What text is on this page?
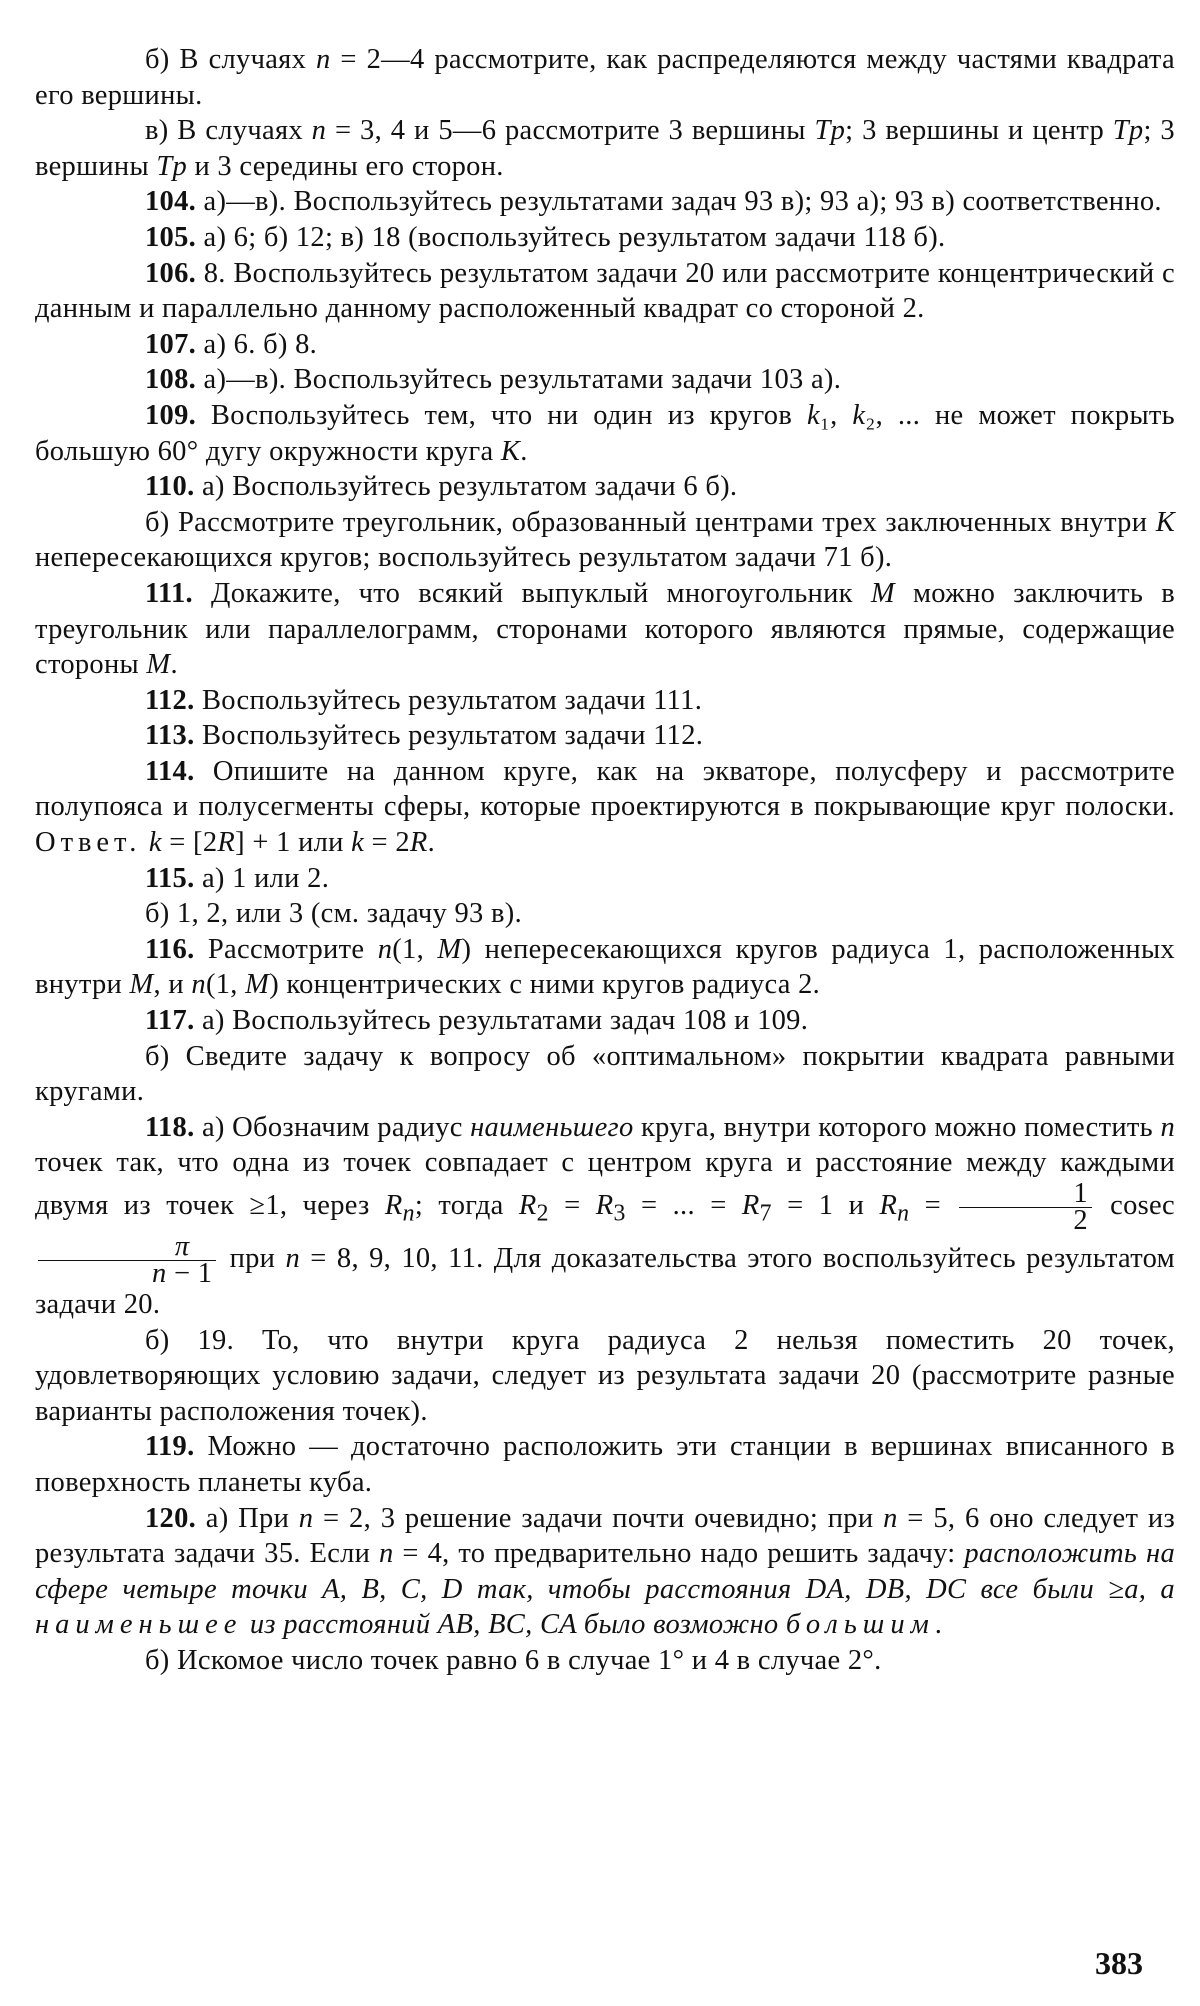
б) В случаях n = 2—4 рассмотрите, как распределяются между частями квадрата его вершины.

в) В случаях n = 3, 4 и 5—6 рассмотрите 3 вершины Tp; 3 вершины и центр Tp; 3 вершины Tp и 3 середины его сторон.

104. а)—в). Воспользуйтесь результатами задач 93 в); 93 а); 93 в) соответственно.

105. а) 6; б) 12; в) 18 (воспользуйтесь результатом задачи 118 б).

106. 8. Воспользуйтесь результатом задачи 20 или рассмотрите концентрический с данным и параллельно данному расположенный квадрат со стороной 2.

107. а) 6. б) 8.

108. а)—в). Воспользуйтесь результатами задачи 103 а).

109. Воспользуйтесь тем, что ни один из кругов k₁, k₂, ... не может покрыть большую 60° дугу окружности круга K.

110. а) Воспользуйтесь результатом задачи 6 б).

б) Рассмотрите треугольник, образованный центрами трех заключенных внутри K непересекающихся кругов; воспользуйтесь результатом задачи 71 б).

111. Докажите, что всякий выпуклый многоугольник M можно заключить в треугольник или параллелограмм, сторонами которого являются прямые, содержащие стороны M.

112. Воспользуйтесь результатом задачи 111.

113. Воспользуйтесь результатом задачи 112.

114. Опишите на данном круге, как на экваторе, полусферу и рассмотрите полупояса и полусегменты сферы, которые проектируются в покрывающие круг полоски. Ответ. k = [2R] + 1 или k = 2R.

115. а) 1 или 2.

б) 1, 2, или 3 (см. задачу 93 в).

116. Рассмотрите n(1, M) непересекающихся кругов радиуса 1, расположенных внутри M, и n(1, M) концентрических с ними кругов радиуса 2.

117. а) Воспользуйтесь результатами задач 108 и 109.

б) Сведите задачу к вопросу об «оптимальном» покрытии квадрата равными кругами.

118. а) Обозначим радиус наименьшего круга, внутри которого можно поместить n точек так, что одна из точек совпадает с центром круга и расстояние между каждыми двумя из точек ≥1, через $R_n$; тогда $R_2 = R_3$ = ... = $R_7 = 1$ и $R_n = \frac{1}{2}$ cosec
$\frac{\pi}{n - 1}$ при n = 8, 9, 10, 11. Для доказательства этого воспользуйтесь результатом задачи 20.

б) 19. То, что внутри круга радиуса 2 нельзя поместить 20 точек, удовлетворяющих условию задачи, следует из результата задачи 20 (рассмотрите разные варианты расположения точек).

119. Можно — достаточно расположить эти станции в вершинах вписанного в поверхность планеты куба.

120. а) При n = 2, 3 решение задачи почти очевидно; при n = 5, 6 оно следует из результата задачи 35. Если n = 4, то предварительно надо решить задачу: расположить на сфере четыре точки A, B, C, D так, чтобы расстояния DA, DB, DC все были ≥a, а наименьшее из расстояний AB, BC, CA было возможно большим.

б) Искомое число точек равно 6 в случае 1° и 4 в случае 2°.

383
